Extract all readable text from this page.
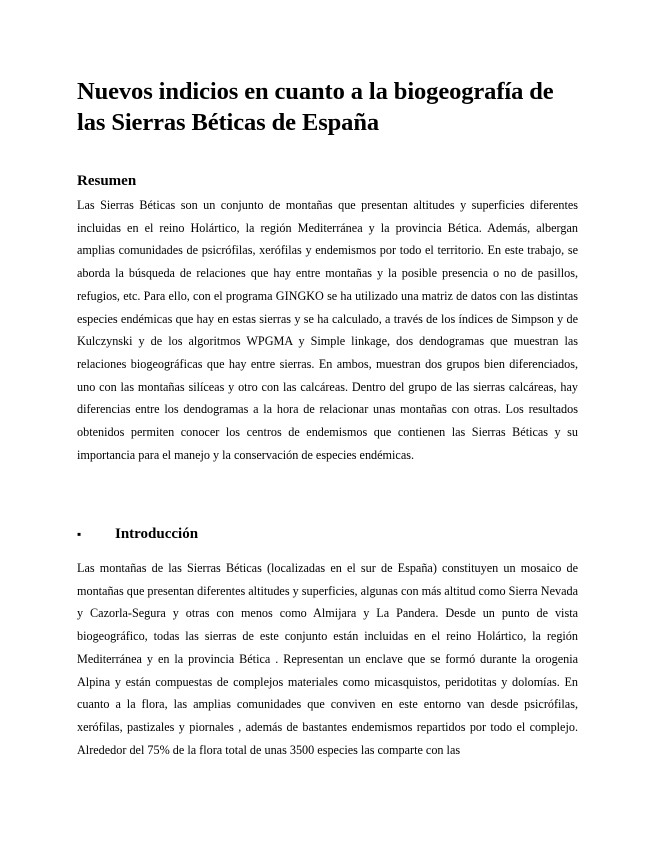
Nuevos indicios en cuanto a la biogeografía de las Sierras Béticas de España
Resumen

Las Sierras Béticas son un conjunto de montañas que presentan altitudes y superficies diferentes incluidas en el reino Holártico, la región Mediterránea y la provincia Bética. Además, albergan amplias comunidades de psicrófilas, xerófilas y endemismos por todo el territorio. En este trabajo, se aborda la búsqueda de relaciones que hay entre montañas y la posible presencia o no de pasillos, refugios, etc. Para ello, con el programa GINGKO se ha utilizado una matriz de datos con las distintas especies endémicas que hay en estas sierras y se ha calculado, a través de los índices de Simpson y de Kulczynski y de los algoritmos WPGMA y Simple linkage, dos dendogramas que muestran las relaciones biogeográficas que hay entre sierras. En ambos, muestran dos grupos bien diferenciados, uno con las montañas silíceas y otro con las calcáreas. Dentro del grupo de las sierras calcáreas, hay diferencias entre los dendogramas a la hora de relacionar unas montañas con otras. Los resultados obtenidos permiten conocer los centros de endemismos que contienen las Sierras Béticas y su importancia para el manejo y la conservación de especies endémicas.

▪ Introducción

Las montañas de las Sierras Béticas (localizadas en el sur de España) constituyen un mosaico de montañas que presentan diferentes altitudes y superficies, algunas con más altitud como Sierra Nevada y Cazorla-Segura y otras con menos como Almijara y La Pandera. Desde un punto de vista biogeográfico, todas las sierras de este conjunto están incluidas en el reino Holártico, la región Mediterránea y en la provincia Bética . Representan un enclave que se formó durante la orogenia Alpina y están compuestas de complejos materiales como micasquistos, peridotitas y dolomías. En cuanto a la flora, las amplias comunidades que conviven en este entorno van desde psicrófilas, xerófilas, pastizales y piornales , además de bastantes endemismos repartidos por todo el complejo. Alrededor del 75% de la flora total de unas 3500 especies las comparte con las
